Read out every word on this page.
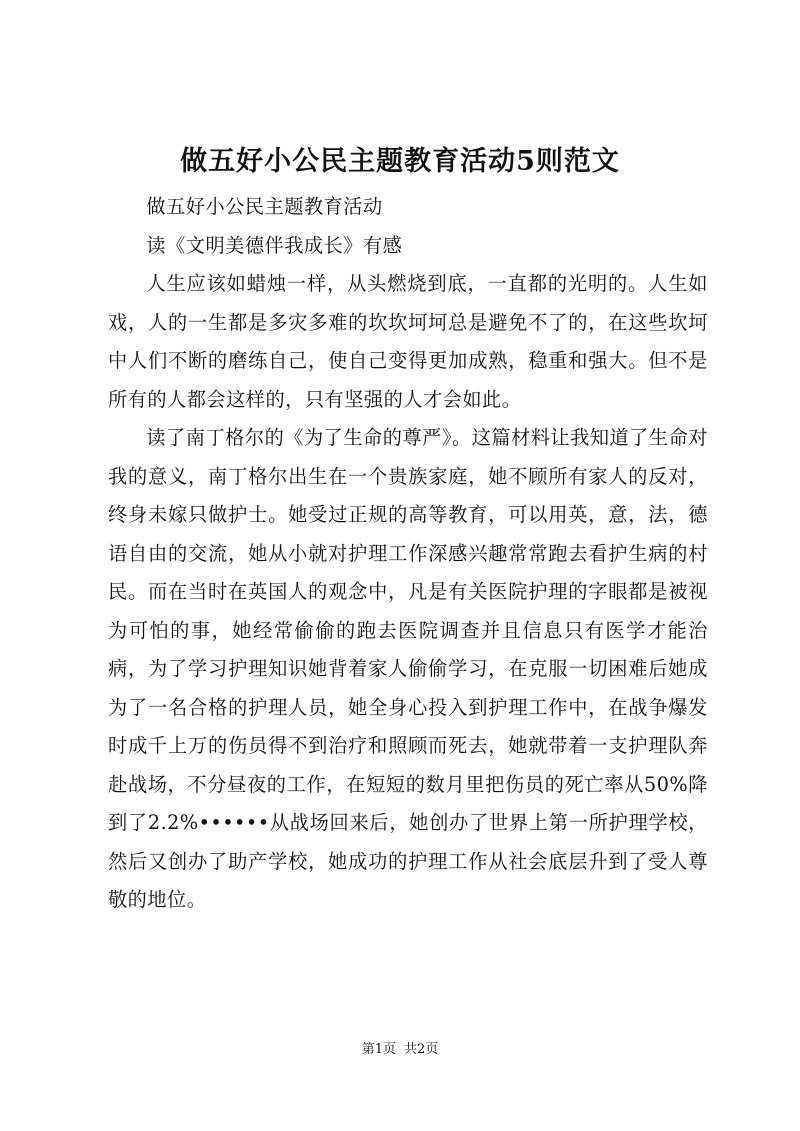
做五好小公民主题教育活动5则范文

做五好小公民主题教育活动

读《文明美德伴我成长》有感

人生应该如蜡烛一样，从头燃烧到底，一直都的光明的。人生如戏，人的一生都是多灾多难的坎坎坷坷总是避免不了的，在这些坎坷中人们不断的磨练自己，使自己变得更加成熟，稳重和强大。但不是所有的人都会这样的，只有坚强的人才会如此。

读了南丁格尔的《为了生命的尊严》。这篇材料让我知道了生命对我的意义，南丁格尔出生在一个贵族家庭，她不顾所有家人的反对，终身未嫁只做护士。她受过正规的高等教育，可以用英，意，法，德语自由的交流，她从小就对护理工作深感兴趣常常跑去看护生病的村民。而在当时在英国人的观念中，凡是有关医院护理的字眼都是被视为可怕的事，她经常偷偷的跑去医院调查并且信息只有医学才能治病，为了学习护理知识她背着家人偷偷学习，在克服一切困难后她成为了一名合格的护理人员，她全身心投入到护理工作中，在战争爆发时成千上万的伤员得不到治疗和照顾而死去，她就带着一支护理队奔赴战场，不分昼夜的工作，在短短的数月里把伤员的死亡率从50%降到了2.2%••••••从战场回来后，她创办了世界上第一所护理学校，然后又创办了助产学校，她成功的护理工作从社会底层升到了受人尊敬的地位。

第1页 共2页
